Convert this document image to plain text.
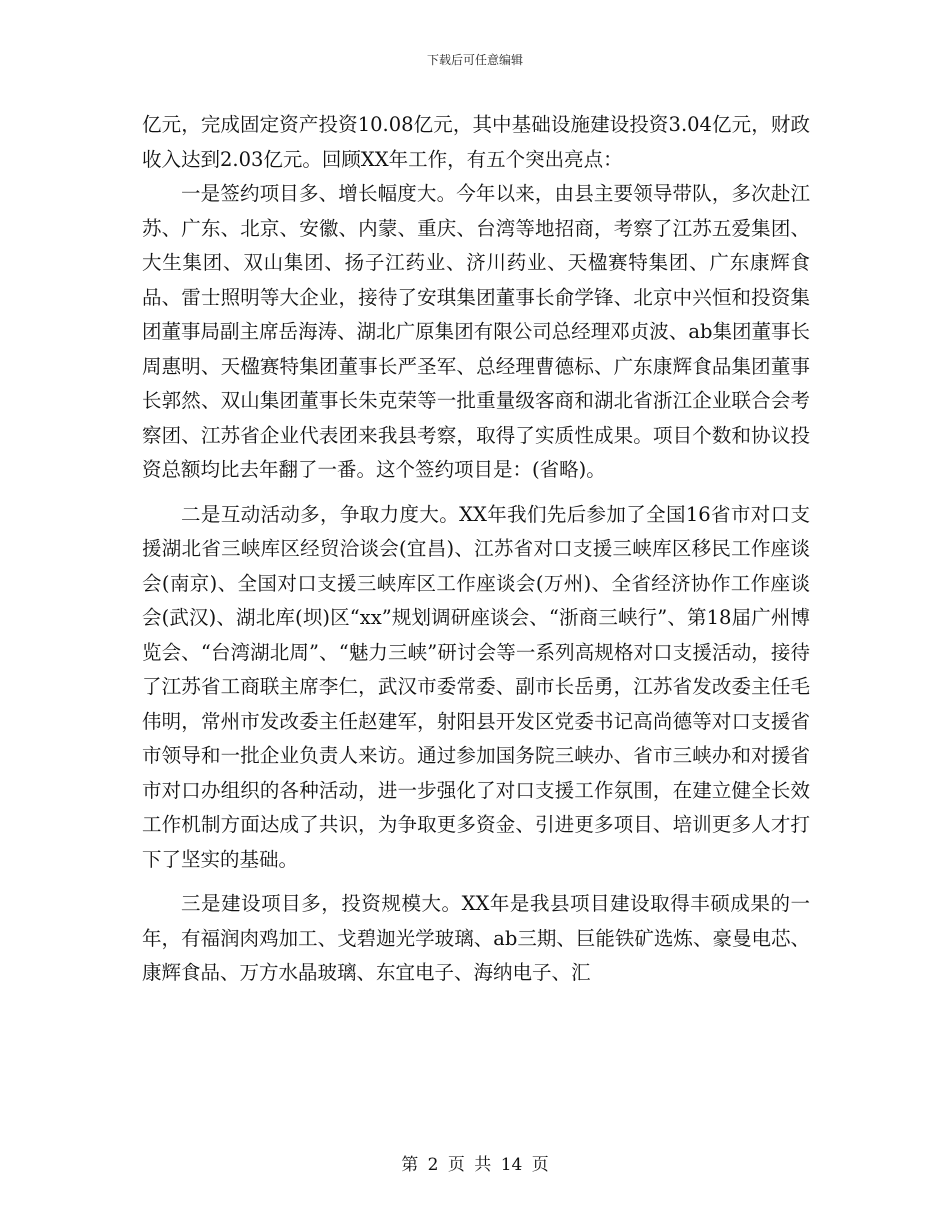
下载后可任意编辑

亿元，完成固定资产投资10.08亿元，其中基础设施建设投资3.04亿元，财政收入达到2.03亿元。回顾XX年工作，有五个突出亮点：

一是签约项目多、增长幅度大。今年以来，由县主要领导带队，多次赴江苏、广东、北京、安徽、内蒙、重庆、台湾等地招商，考察了江苏五爱集团、大生集团、双山集团、扬子江药业、济川药业、天楹赛特集团、广东康辉食品、雷士照明等大企业，接待了安琪集团董事长俞学锋、北京中兴恒和投资集团董事局副主席岳海涛、湖北广原集团有限公司总经理邓贞波、ab集团董事长周惠明、天楹赛特集团董事长严圣军、总经理曹德标、广东康辉食品集团董事长郭然、双山集团董事长朱克荣等一批重量级客商和湖北省浙江企业联合会考察团、江苏省企业代表团来我县考察，取得了实质性成果。项目个数和协议投资总额均比去年翻了一番。这个签约项目是：(省略)。

二是互动活动多，争取力度大。XX年我们先后参加了全国16省市对口支援湖北省三峡库区经贸洽谈会(宜昌)、江苏省对口支援三峡库区移民工作座谈会(南京)、全国对口支援三峡库区工作座谈会(万州)、全省经济协作工作座谈会(武汉)、湖北库(坝)区“xx”规划调研座谈会、“浙商三峡行”、第18届广州博览会、“台湾湖北周”、“魅力三峡”研讨会等一系列高规格对口支援活动，接待了江苏省工商联主席李仁，武汉市委常委、副市长岳勇，江苏省发改委主任毛伟明，常州市发改委主任赵建军，射阳县开发区党委书记高尚德等对口支援省市领导和一批企业负责人来访。通过参加国务院三峡办、省市三峡办和对援省市对口办组织的各种活动，进一步强化了对口支援工作氛围，在建立健全长效工作机制方面达成了共识，为争取更多资金、引进更多项目、培训更多人才打下了坚实的基础。

三是建设项目多，投资规模大。XX年是我县项目建设取得丰硕成果的一年，有福润肉鸡加工、戈碧迦光学玻璃、ab三期、巨能铁矿选炼、豪曼电芯、康辉食品、万方水晶玻璃、东宜电子、海纳电子、汇

第 2 页 共 14 页
